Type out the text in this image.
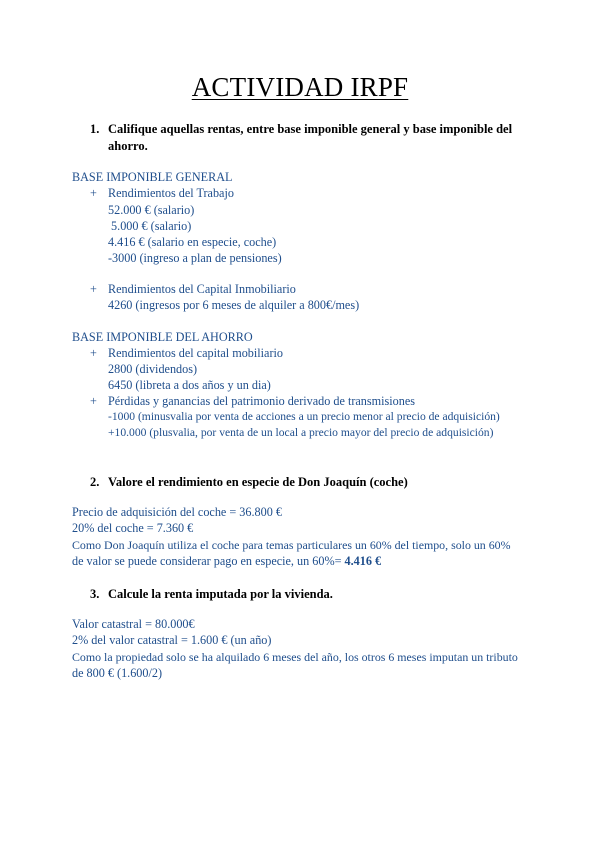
ACTIVIDAD IRPF
1. Califique aquellas rentas, entre base imponible general y base imponible del
ahorro.
BASE IMPONIBLE GENERAL
+ Rendimientos del Trabajo
52.000 € (salario)
5.000 € (salario)
4.416 € (salario en especie, coche)
-3000 (ingreso a plan de pensiones)
+ Rendimientos del Capital Inmobiliario
4260 (ingresos por 6 meses de alquiler a 800€/mes)
BASE IMPONIBLE DEL AHORRO
+ Rendimientos del capital mobiliario
2800 (dividendos)
6450 (libreta a dos años y un dia)
+ Pérdidas y ganancias del patrimonio derivado de transmisiones
-1000 (minusvalia por venta de acciones a un precio menor al precio de adquisición)
+10.000 (plusvalia, por venta de un local a precio mayor del precio de adquisición)
2. Valore el rendimiento en especie de Don Joaquín (coche)
Precio de adquisición del coche = 36.800 €
20% del coche = 7.360 €
Como Don Joaquín utiliza el coche para temas particulares un 60% del tiempo, solo un 60%
de valor se puede considerar pago en especie, un 60%= 4.416 €
3. Calcule la renta imputada por la vivienda.
Valor catastral = 80.000€
2% del valor catastral = 1.600 € (un año)
Como la propiedad solo se ha alquilado 6 meses del año, los otros 6 meses imputan un tributo
de 800 € (1.600/2)
